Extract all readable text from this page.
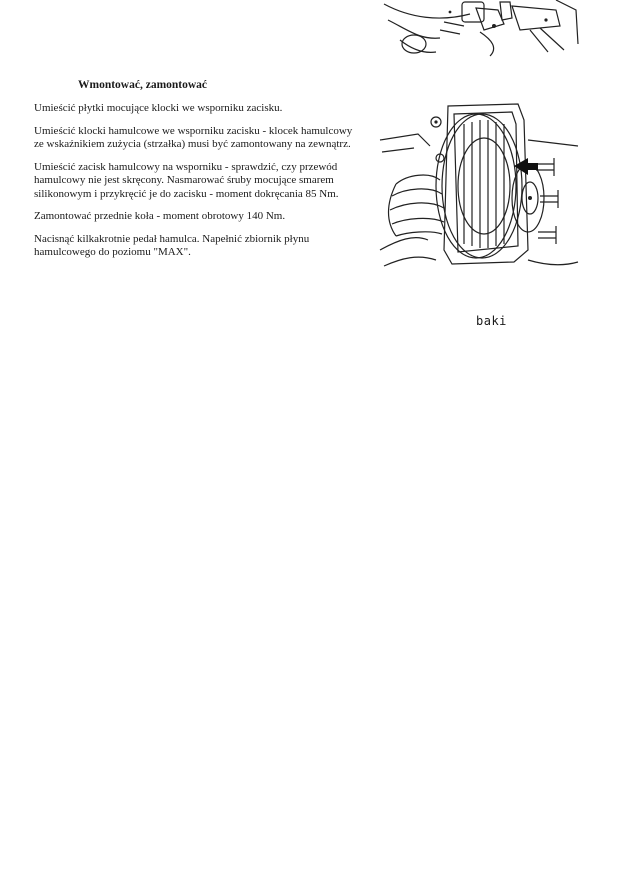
Wmontować, zamontować

Umieścić płytki mocujące klocki we wsporniku zacisku.

Umieścić klocki hamulcowe we wsporniku zacisku - klocek hamulcowy ze wskaźnikiem zużycia (strzałka) musi być zamontowany na zewnątrz.

Umieścić zacisk hamulcowy na wsporniku - sprawdzić, czy przewód hamulcowy nie jest skręcony. Nasmarować śruby mocujące smarem silikonowym i przykręcić je do zacisku - moment dokręcania 85 Nm.

Zamontować przednie koła - moment obrotowy 140 Nm.

Nacisnąć kilkakrotnie pedał hamulca. Napełnić zbiornik płynu hamulcowego do poziomu "MAX".

baki
